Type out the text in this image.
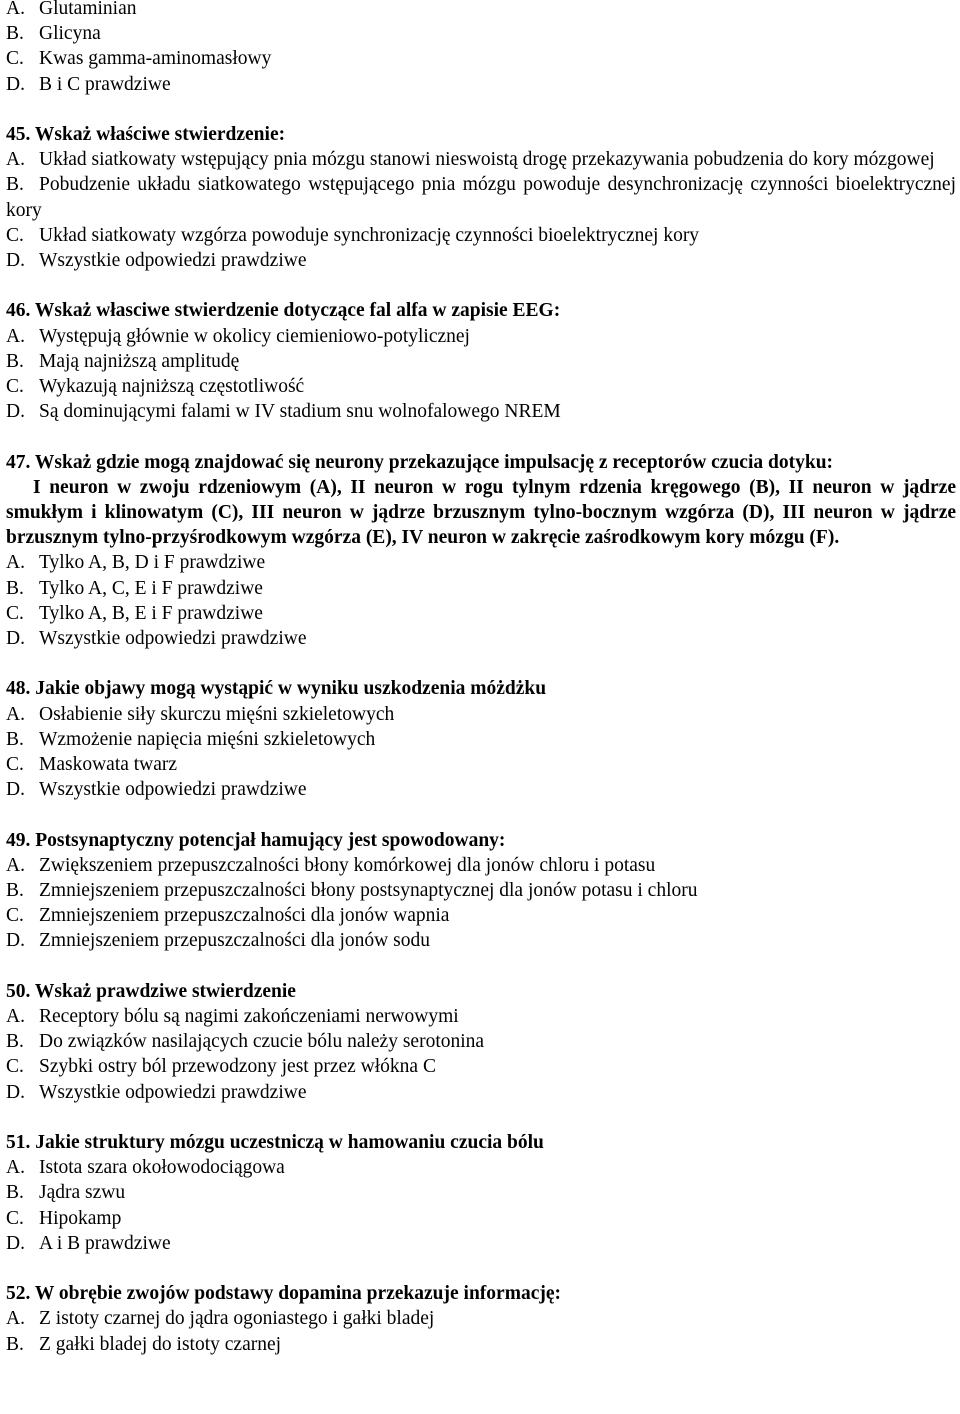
A. Glutaminian
B. Glicyna
C. Kwas gamma-aminomasłowy
D. B i C prawdziwe
45. Wskaż właściwe stwierdzenie:
A. Układ siatkowaty wstępujący pnia mózgu stanowi nieswoistą drogę przekazywania pobudzenia do kory mózgowej
B. Pobudzenie układu siatkowatego wstępującego pnia mózgu powoduje desynchronizację czynności bioelektrycznej kory
C. Układ siatkowaty wzgórza powoduje synchronizację czynności bioelektrycznej kory
D. Wszystkie odpowiedzi prawdziwe
46. Wskaż własciwe stwierdzenie dotyczące fal alfa w zapisie EEG:
A. Występują głównie w okolicy ciemieniowo-potylicznej
B. Mają najniższą amplitudę
C. Wykazują najniższą częstotliwość
D. Są dominującymi falami w IV stadium snu wolnofalowego NREM
47. Wskaż gdzie mogą znajdować się neurony przekazujące impulsację z receptorów czucia dotyku:

I neuron w zwoju rdzeniowym (A), II neuron w rogu tylnym rdzenia kręgowego (B), II neuron w jądrze smukłym i klinowatym (C), III neuron w jądrze brzusznym tylno-bocznym wzgórza (D), III neuron w jądrze brzusznym tylno-przyśrodkowym wzgórza (E), IV neuron w zakręcie zaśrodkowym kory mózgu (F).

A. Tylko A, B, D i F prawdziwe
B. Tylko A, C, E i F prawdziwe
C. Tylko A, B, E i F prawdziwe
D. Wszystkie odpowiedzi prawdziwe
48. Jakie objawy mogą wystąpić w wyniku uszkodzenia móżdżku
A. Osłabienie siły skurczu mięśni szkieletowych
B. Wzmożenie napięcia mięśni szkieletowych
C. Maskowata twarz
D. Wszystkie odpowiedzi prawdziwe
49. Postsynaptyczny potencjał hamujący jest spowodowany:
A. Zwiększeniem przepuszczalności błony komórkowej dla jonów chloru i potasu
B. Zmniejszeniem przepuszczalności błony postsynaptycznej dla jonów potasu i chloru
C. Zmniejszeniem przepuszczalności dla jonów wapnia
D. Zmniejszeniem przepuszczalności dla jonów sodu
50. Wskaż prawdziwe stwierdzenie
A. Receptory bólu są nagimi zakończeniami nerwowymi
B. Do związków nasilających czucie bólu należy serotonina
C. Szybki ostry ból przewodzony jest przez włókna C
D. Wszystkie odpowiedzi prawdziwe
51. Jakie struktury mózgu uczestniczą w hamowaniu czucia bólu
A. Istota szara okołowodociągowa
B. Jądra szwu
C. Hipokamp
D. A i B prawdziwe
52. W obrębie zwojów podstawy dopamina przekazuje informację:
A. Z istoty czarnej do jądra ogoniastego i gałki bladej
B. Z gałki bladej do istoty czarnej
